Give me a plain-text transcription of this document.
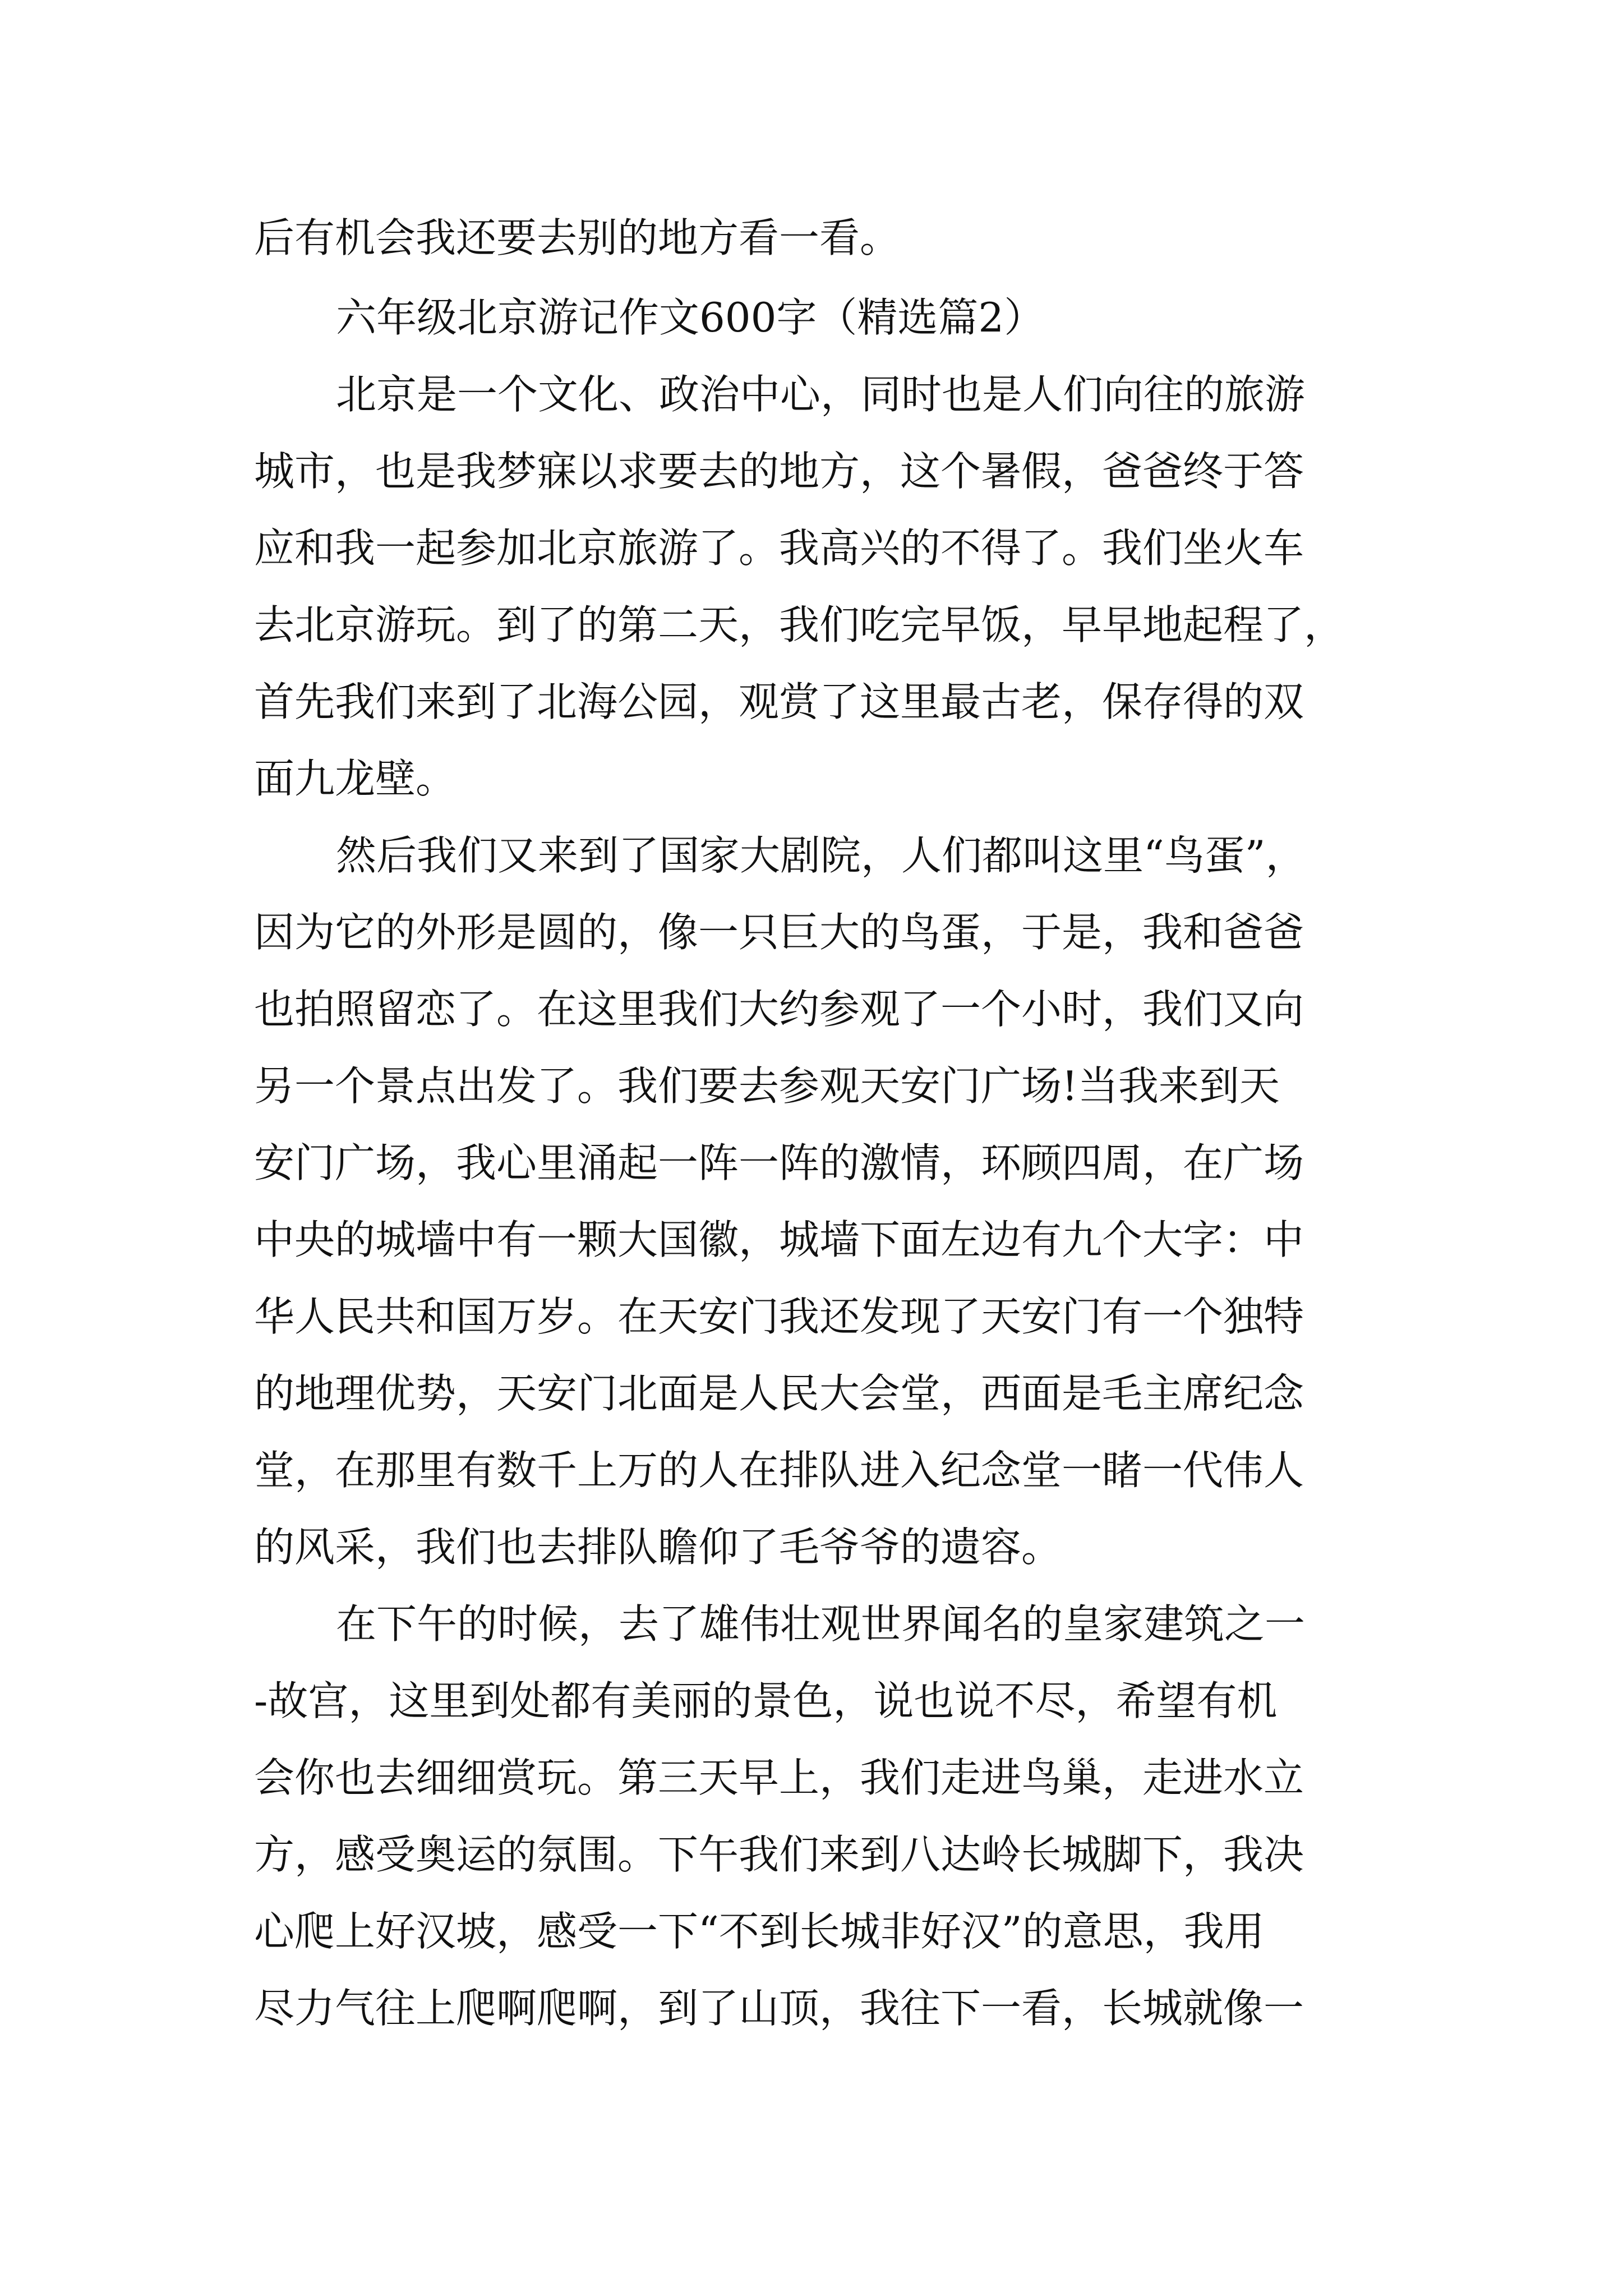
后有机会我还要去别的地方看一看。
六年级北京游记作文600字（精选篇2）
北京是一个文化、政治中心，同时也是人们向往的旅游
城市，也是我梦寐以求要去的地方，这个暑假，爸爸终于答
应和我一起参加北京旅游了。我高兴的不得了。我们坐火车
去北京游玩。到了的第二天，我们吃完早饭，早早地起程了，
首先我们来到了北海公园，观赏了这里最古老，保存得的双
面九龙壁。
然后我们又来到了国家大剧院，人们都叫这里“鸟蛋”，
因为它的外形是圆的，像一只巨大的鸟蛋，于是，我和爸爸
也拍照留恋了。在这里我们大约参观了一个小时，我们又向
另一个景点出发了。我们要去参观天安门广场!当我来到天
安门广场，我心里涌起一阵一阵的激情，环顾四周，在广场
中央的城墙中有一颗大国徽，城墙下面左边有九个大字：中
华人民共和国万岁。在天安门我还发现了天安门有一个独特
的地理优势，天安门北面是人民大会堂，西面是毛主席纪念
堂，在那里有数千上万的人在排队进入纪念堂一睹一代伟人
的风采，我们也去排队瞻仰了毛爷爷的遗容。
在下午的时候，去了雄伟壮观世界闻名的皇家建筑之一
-故宫，这里到处都有美丽的景色，说也说不尽，希望有机
会你也去细细赏玩。第三天早上，我们走进鸟巢，走进水立
方，感受奥运的氛围。下午我们来到八达岭长城脚下，我决
心爬上好汉坡，感受一下“不到长城非好汉”的意思，我用
尽力气往上爬啊爬啊，到了山顶，我往下一看，长城就像一
